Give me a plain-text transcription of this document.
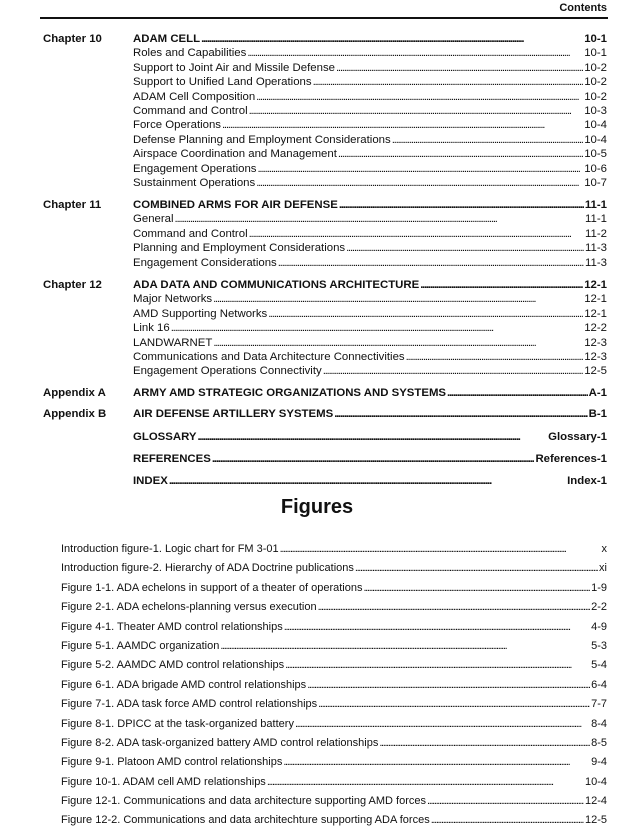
Contents
Chapter 10	ADAM CELL . . .	10-1
Roles and Capabilities . . .	10-1
Support to Joint Air and Missile Defense . . .	10-2
Support to Unified Land Operations . . .	10-2
ADAM Cell Composition . . .	10-2
Command and Control . . .	10-3
Force Operations . . .	10-4
Defense Planning and Employment Considerations . . .	10-4
Airspace Coordination and Management . . .	10-5
Engagement Operations . . .	10-6
Sustainment Operations . . .	10-7
Chapter 11	COMBINED ARMS FOR AIR DEFENSE . . .	11-1
General . . .	11-1
Command and Control . . .	11-2
Planning and Employment Considerations . . .	11-3
Engagement Considerations . . .	11-3
Chapter 12	ADA DATA AND COMMUNICATIONS ARCHITECTURE . . .	12-1
Major Networks . . .	12-1
AMD Supporting Networks . . .	12-1
Link 16 . . .	12-2
LANDWARNET . . .	12-3
Communications and Data Architecture Connectivities . . .	12-3
Engagement Operations Connectivity . . .	12-5
Appendix A ARMY AMD STRATEGIC ORGANIZATIONS AND SYSTEMS . . .	A-1
Appendix B AIR DEFENSE ARTILLERY SYSTEMS . . .	B-1
GLOSSARY . . .	Glossary-1
REFERENCES . . .	References-1
INDEX . . .	Index-1
Figures
Introduction figure-1. Logic chart for FM 3-01 . . .	x
Introduction figure-2. Hierarchy of ADA Doctrine publications . . .	xi
Figure 1-1. ADA echelons in support of a theater of operations . . .	1-9
Figure 2-1. ADA echelons-planning versus execution . . .	2-2
Figure 4-1. Theater AMD control relationships . . .	4-9
Figure 5-1. AAMDC organization . . .	5-3
Figure 5-2. AAMDC AMD control relationships . . .	5-4
Figure 6-1. ADA brigade AMD control relationships . . .	6-4
Figure 7-1. ADA task force AMD control relationships . . .	7-7
Figure 8-1. DPICC at the task-organized battery . . .	8-4
Figure 8-2. ADA task-organized battery AMD control relationships . . .	8-5
Figure 9-1. Platoon AMD control relationships . . .	9-4
Figure 10-1. ADAM cell AMD relationships . . .	10-4
Figure 12-1. Communications and data architecture supporting AMD forces . . .	12-4
Figure 12-2. Communications and data architechture supporting ADA forces . . .	12-5
